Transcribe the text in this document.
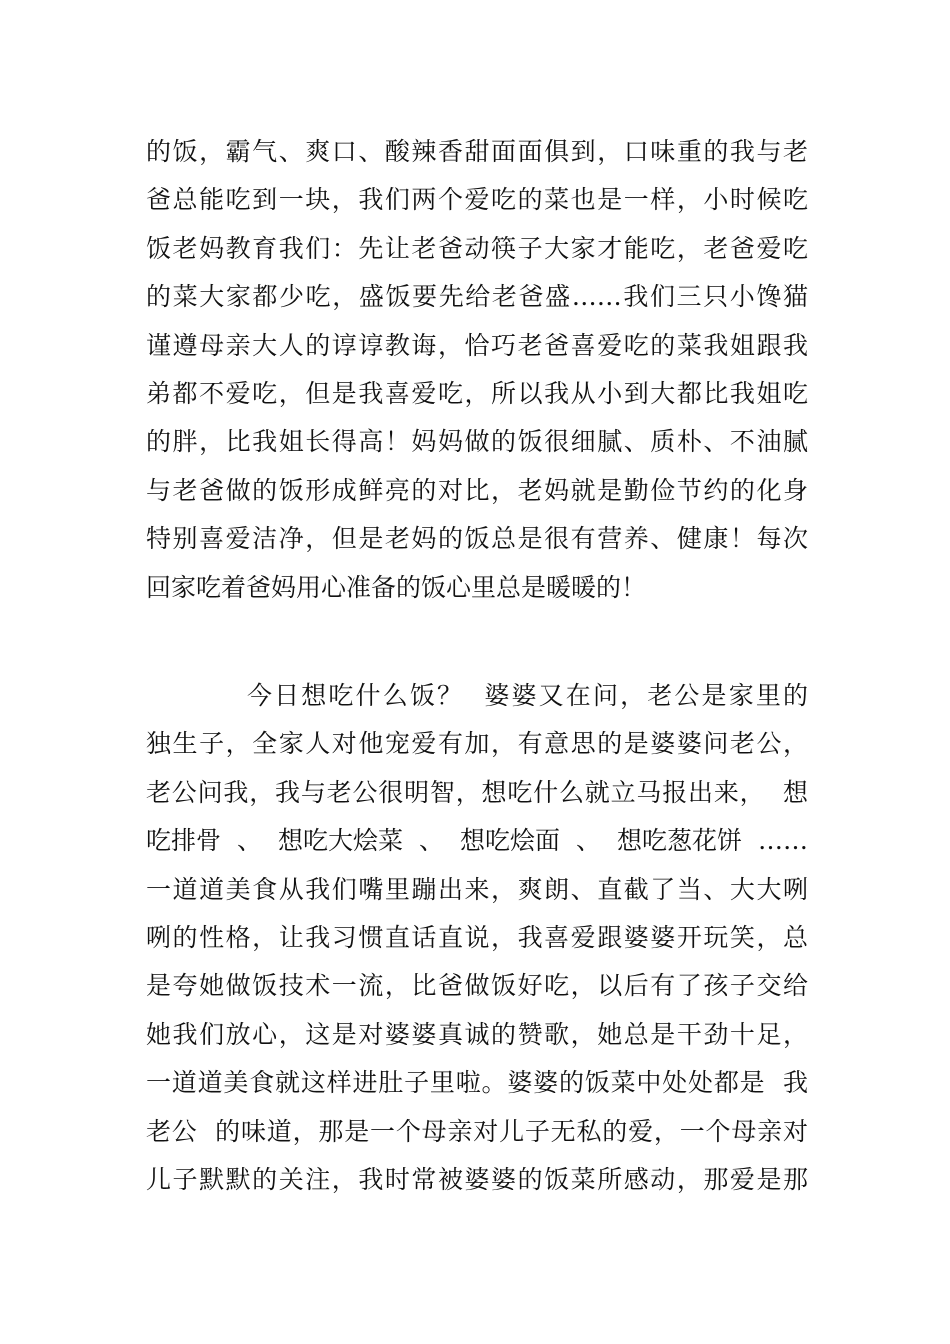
的饭，霸气、爽口、酸辣香甜面面俱到，口味重的我与老
爸总能吃到一块，我们两个爱吃的菜也是一样，小时候吃
饭老妈教育我们：先让老爸动筷子大家才能吃，老爸爱吃
的菜大家都少吃，盛饭要先给老爸盛……我们三只小馋猫
谨遵母亲大人的谆谆教诲，恰巧老爸喜爱吃的菜我姐跟我
弟都不爱吃，但是我喜爱吃，所以我从小到大都比我姐吃
的胖，比我姐长得高！妈妈做的饭很细腻、质朴、不油腻
与老爸做的饭形成鲜亮的对比，老妈就是勤俭节约的化身
特别喜爱洁净，但是老妈的饭总是很有营养、健康！每次
回家吃着爸妈用心准备的饭心里总是暖暖的！
今日想吃什么饭？  婆婆又在问，老公是家里的
独生子，全家人对他宠爱有加，有意思的是婆婆问老公，
老公问我，我与老公很明智，想吃什么就立马报出来，  想
吃排骨  、  想吃大烩菜  、  想吃烩面  、  想吃葱花饼  ……
一道道美食从我们嘴里蹦出来，爽朗、直截了当、大大咧
咧的性格，让我习惯直话直说，我喜爱跟婆婆开玩笑，总
是夸她做饭技术一流，比爸做饭好吃，以后有了孩子交给
她我们放心，这是对婆婆真诚的赞歌，她总是干劲十足，
一道道美食就这样进肚子里啦。婆婆的饭菜中处处都是  我
老公  的味道，那是一个母亲对儿子无私的爱，一个母亲对
儿子默默的关注，我时常被婆婆的饭菜所感动，那爱是那
